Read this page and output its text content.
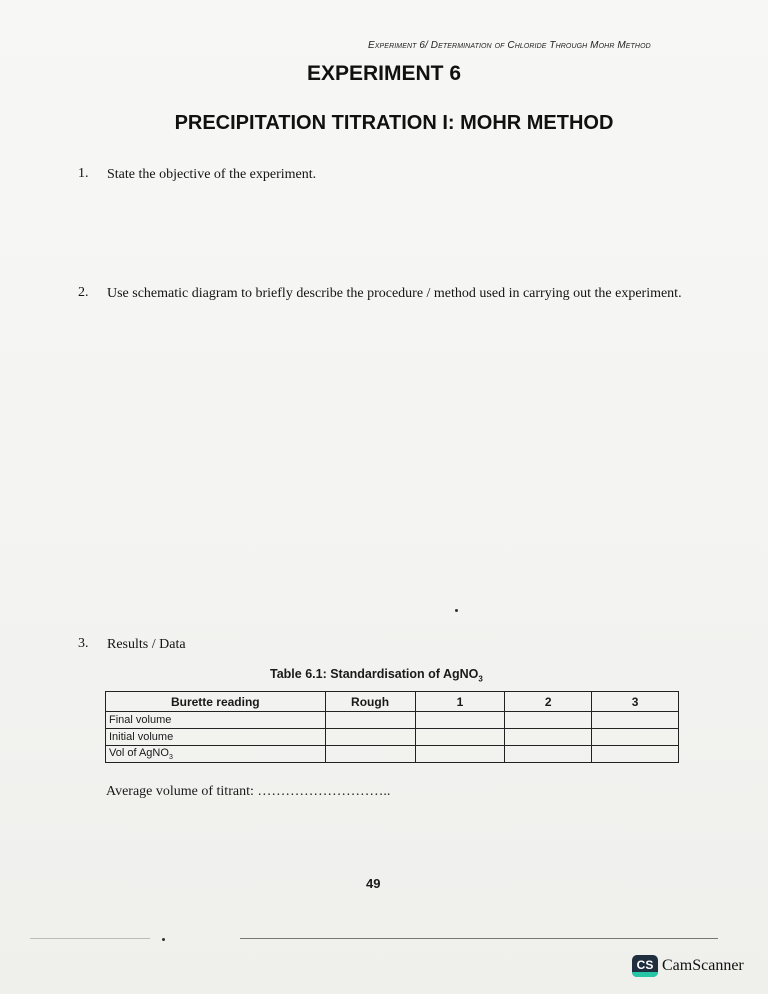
Experiment 6/ Determination of Chloride Through Mohr Method
EXPERIMENT 6
PRECIPITATION TITRATION I: MOHR METHOD
1.	State the objective of the experiment.
2.	Use schematic diagram to briefly describe the procedure / method used in carrying out the experiment.
3.	Results / Data
Table 6.1: Standardisation of AgNO$_3$
Burette reading	Rough	1	2	3
Final volume				
Initial volume				
Vol of AgNO$_3$				
Average volume of titrant: ………………………..
49
CS CamScanner
